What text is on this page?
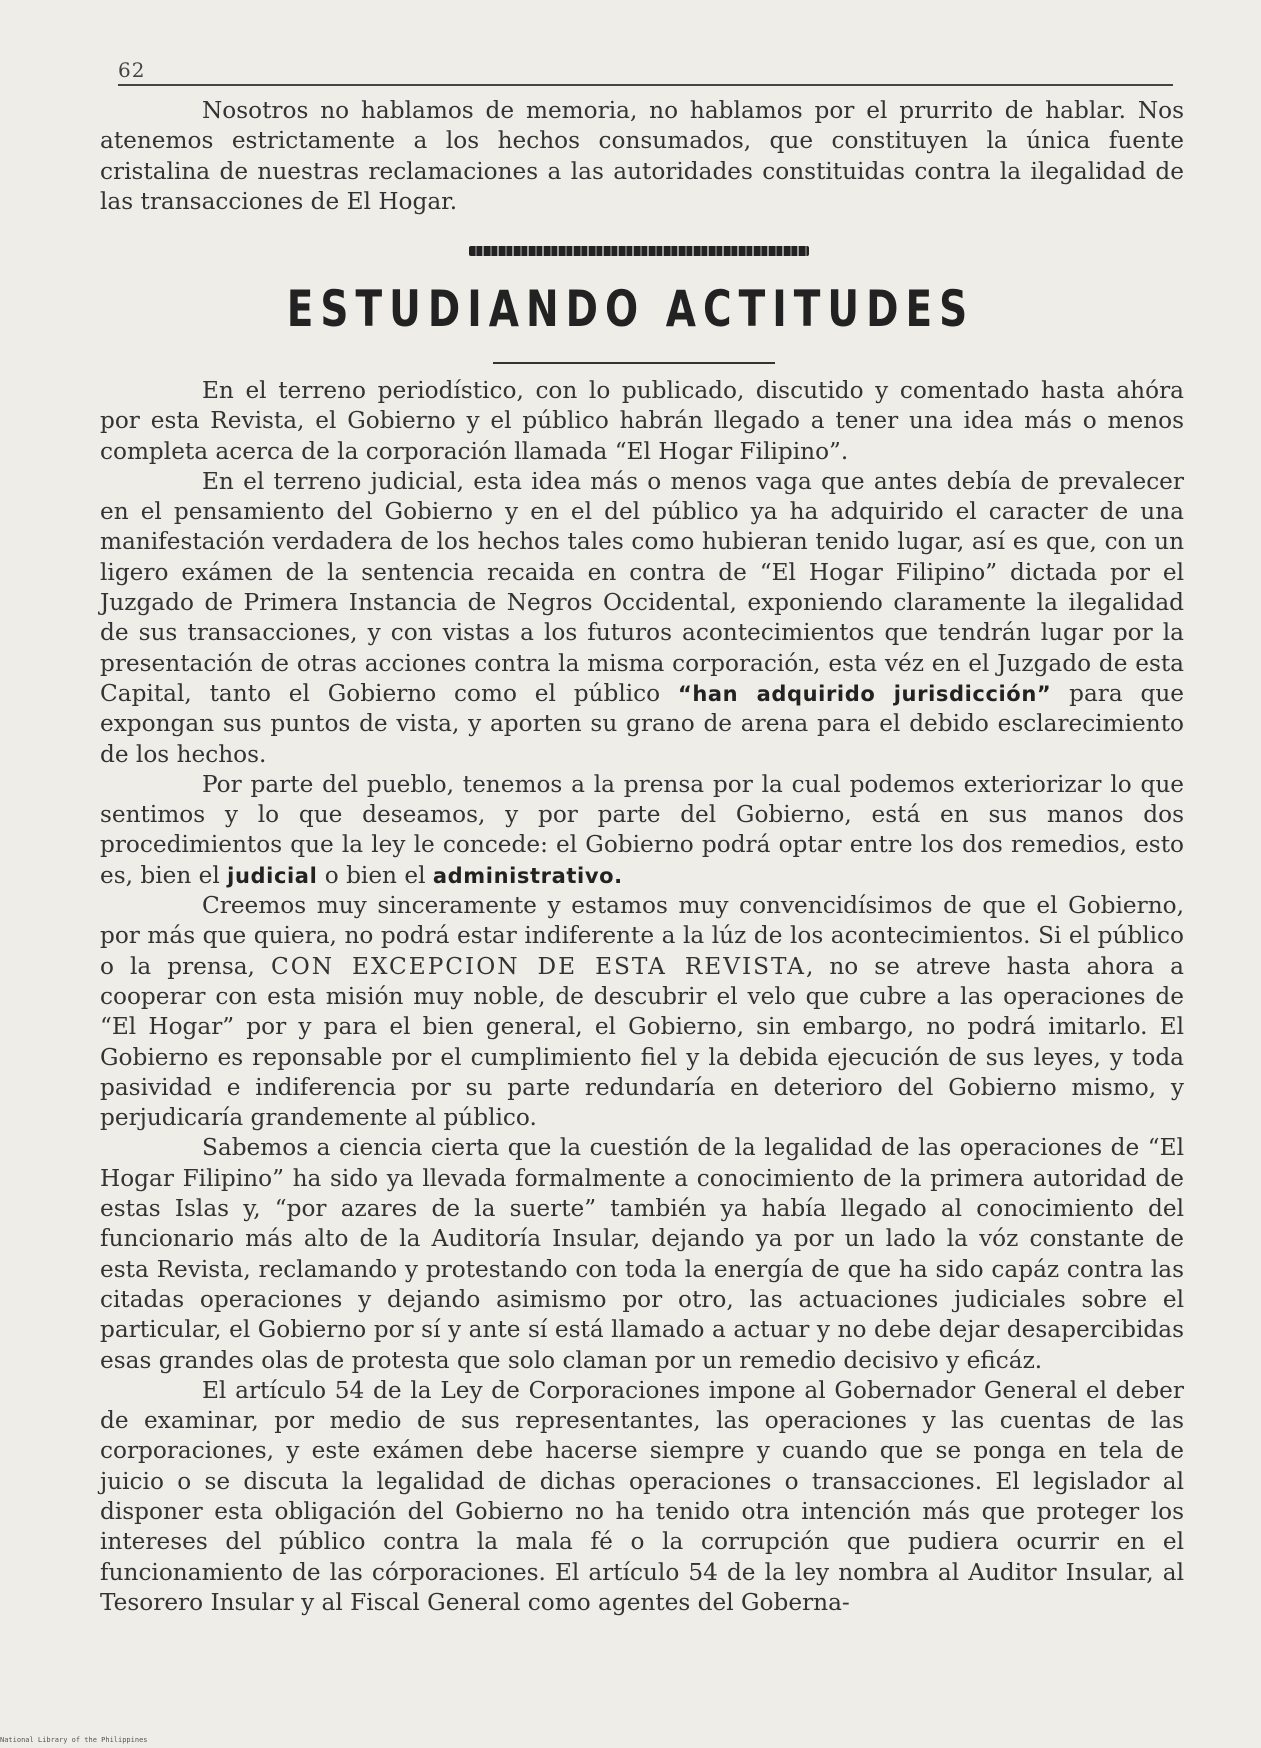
62

Nosotros no hablamos de memoria, no hablamos por el prurrito de hablar. Nos atenemos estrictamente a los hechos consumados, que constituyen la única fuente cristalina de nuestras reclamaciones a las autoridades constituidas contra la ilegalidad de las transacciones de El Hogar.

ESTUDIANDO ACTITUDES

En el terreno periodístico, con lo publicado, discutido y comentado hasta ahóra por esta Revista, el Gobierno y el público habrán llegado a tener una idea más o menos completa acerca de la corporación llamada “El Hogar Filipino”.

En el terreno judicial, esta idea más o menos vaga que antes debía de prevalecer en el pensamiento del Gobierno y en el del público ya ha adquirido el caracter de una manifestación verdadera de los hechos tales como hubieran tenido lugar, así es que, con un ligero exámen de la sentencia recaida en contra de “El Hogar Filipino” dictada por el Juzgado de Primera Instancia de Negros Occidental, exponiendo claramente la ilegalidad de sus transacciones, y con vistas a los futuros acontecimientos que tendrán lugar por la presentación de otras acciones contra la misma corporación, esta véz en el Juzgado de esta Capital, tanto el Gobierno como el público “han adquirido jurisdicción” para que expongan sus puntos de vista, y aporten su grano de arena para el debido esclarecimiento de los hechos.

Por parte del pueblo, tenemos a la prensa por la cual podemos exteriorizar lo que sentimos y lo que deseamos, y por parte del Gobierno, está en sus manos dos procedimientos que la ley le concede: el Gobierno podrá optar entre los dos remedios, esto es, bien el judicial o bien el administrativo.

Creemos muy sinceramente y estamos muy convencidísimos de que el Gobierno, por más que quiera, no podrá estar indiferente a la lúz de los acontecimientos. Si el público o la prensa, CON EXCEPCION DE ESTA REVISTA, no se atreve hasta ahora a cooperar con esta misión muy noble, de descubrir el velo que cubre a las operaciones de “El Hogar” por y para el bien general, el Gobierno, sin embargo, no podrá imitarlo. El Gobierno es reponsable por el cumplimiento fiel y la debida ejecución de sus leyes, y toda pasividad e indiferencia por su parte redundaría en deterioro del Gobierno mismo, y perjudicaría grandemente al público.

Sabemos a ciencia cierta que la cuestión de la legalidad de las operaciones de “El Hogar Filipino” ha sido ya llevada formalmente a conocimiento de la primera autoridad de estas Islas y, “por azares de la suerte” también ya había llegado al conocimiento del funcionario más alto de la Auditoría Insular, dejando ya por un lado la vóz constante de esta Revista, reclamando y protestando con toda la energía de que ha sido capáz contra las citadas operaciones y dejando asimismo por otro, las actuaciones judiciales sobre el particular, el Gobierno por sí y ante sí está llamado a actuar y no debe dejar desapercibidas esas grandes olas de protesta que solo claman por un remedio decisivo y eficáz.

El artículo 54 de la Ley de Corporaciones impone al Gobernador General el deber de examinar, por medio de sus representantes, las operaciones y las cuentas de las corporaciones, y este exámen debe hacerse siempre y cuando que se ponga en tela de juicio o se discuta la legalidad de dichas operaciones o transacciones. El legislador al disponer esta obligación del Gobierno no ha tenido otra intención más que proteger los intereses del público contra la mala fé o la corrupción que pudiera ocurrir en el funcionamiento de las córporaciones. El artículo 54 de la ley nombra al Auditor Insular, al Tesorero Insular y al Fiscal General como agentes del Goberna-

National Library of the Philippines
